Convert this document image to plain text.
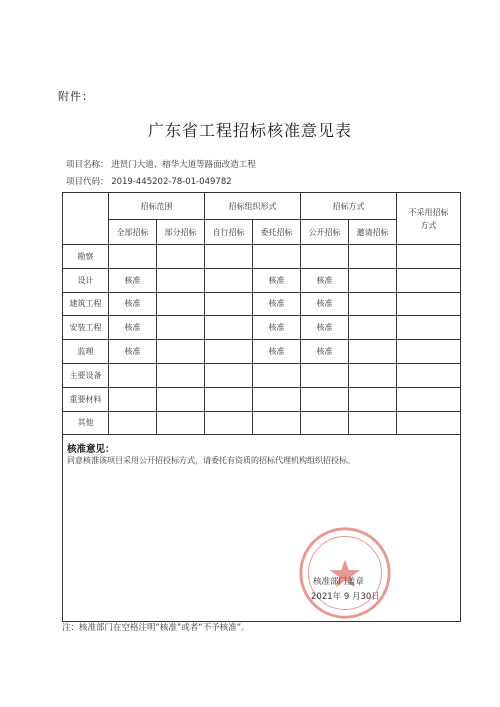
附件：
广东省工程招标核准意见表
项目名称： 进贤门大道、榕华大道等路面改造工程
项目代码： 2019-445202-78-01-049782
	招标范围		招标组织形式		招标方式		不采用招标方式
	全部招标	部分招标	自行招标	委托招标	公开招标	邀请招标	
勘察							
设计	核准			核准	核准		
建筑工程	核准			核准	核准		
安装工程	核准			核准	核准		
监理	核准			核准	核准		
主要设备							
重要材料							
其他							

核准意见：
同意核准该项目采用公开招投标方式，请委托有资质的招标代理机构组织招投标。
核准部门盖章
2021年 9 月30日							
注：核准部门在空格注明“核准”或者“不予核准”。
